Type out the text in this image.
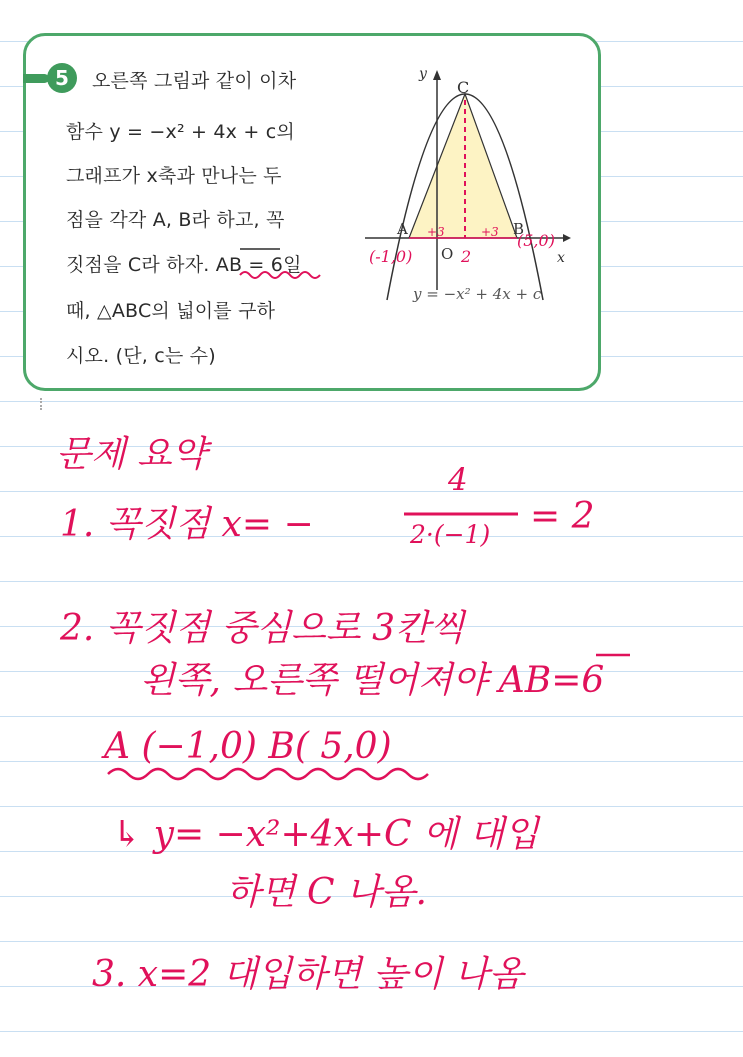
5	오른쪽 그림과 같이 이차
함수 y = −x² + 4x + c의
그래프가 x축과 만나는 두
점을 각각 A, B라 하고, 꼭
짓점을 C라 하자. AB = 6일
때, △ABC의 넓이를 구하
시오. (단, c는 수)
y
x
C
A	B
O
y = −x² + 4x + c
(-1,0)
(5,0)
2
+3	+3
문제 요약
1. 꼭짓점 x= −
4
2·(−1) = 2
2. 꼭짓점 중심으로 3칸씩
왼쪽, 오른쪽 떨어져야 AB=6
A (−1,0) B( 5,0)
↳ y= −x²+4x+C 에 대입
하면 C 나옴.
3. x=2 대입하면 높이 나옴
